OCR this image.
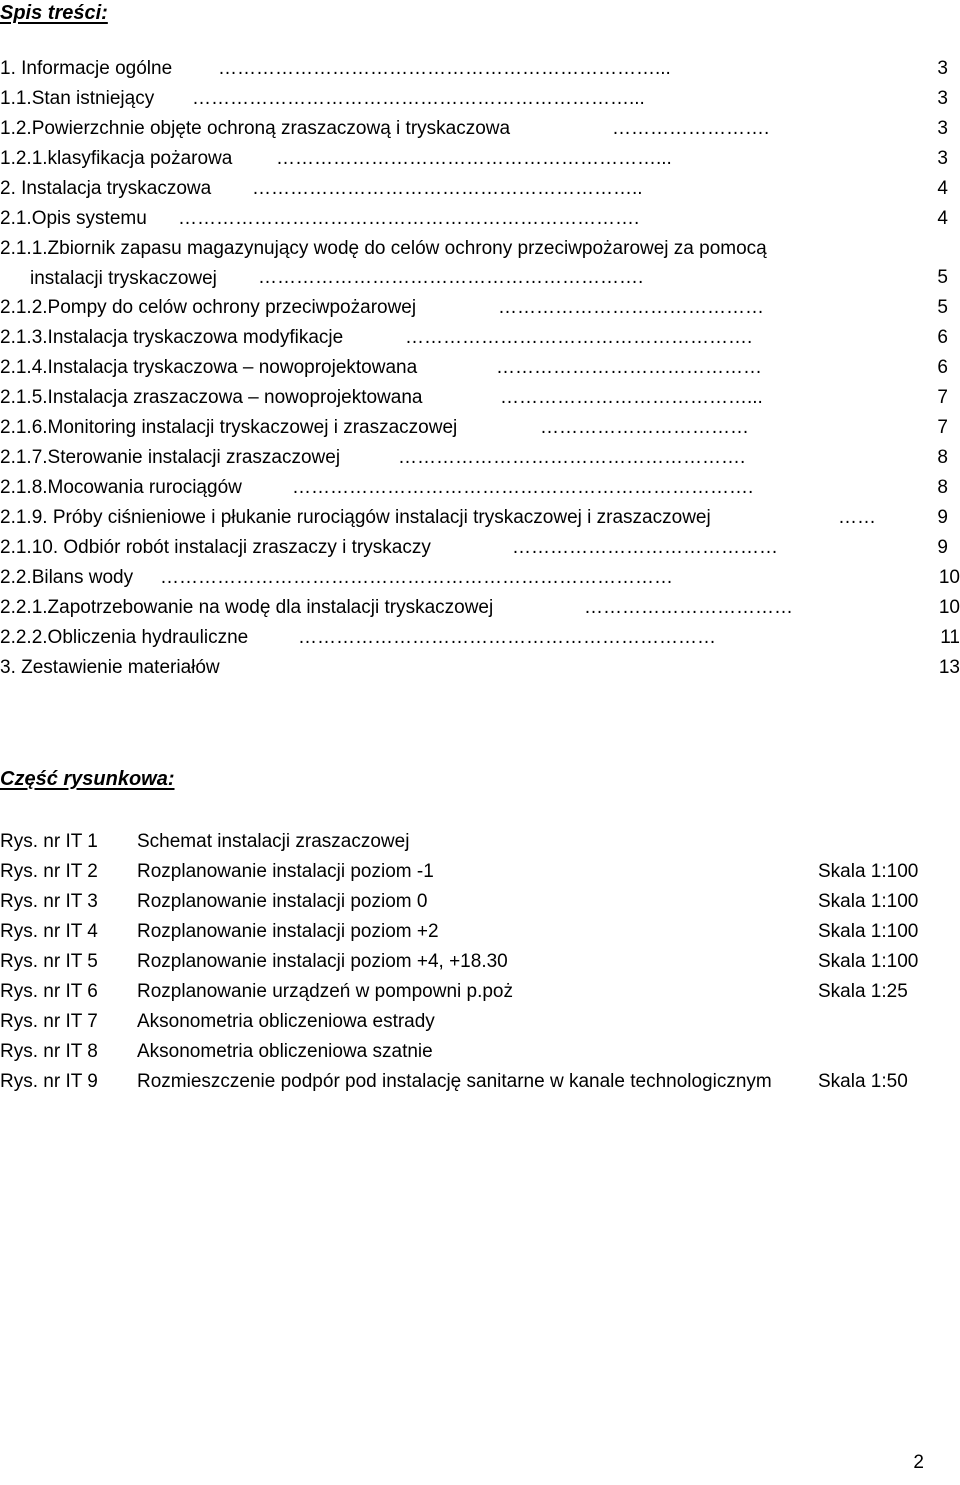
Spis treści:
1. Informacje ogólne ……………………………………………………………...	3
1.1.Stan istniejący ……………………………………………………………...	3
1.2.Powierzchnie objęte ochroną zraszaczową i tryskaczowa	…………………….	3
1.2.1.klasyfikacja pożarowa ……………………………………………………...	3
2. Instalacja tryskaczowa ……………………………………………………..	4
2.1.Opis systemu ……………………………………………………………….	4
2.1.1.Zbiornik zapasu magazynujący wodę do celów ochrony przeciwpożarowej za pomocą
instalacji tryskaczowej	…………………………………………………….	5
2.1.2.Pompy do celów ochrony przeciwpożarowej	……………………………………	5
2.1.3.Instalacja tryskaczowa modyfikacje	……………………………………………….	6
2.1.4.Instalacja tryskaczowa – nowoprojektowana	……………………………………	6
2.1.5.Instalacja zraszaczowa – nowoprojektowana	…………………………………...	7
2.1.6.Monitoring instalacji tryskaczowej i zraszaczowej	……………………………	7
2.1.7.Sterowanie instalacji zraszaczowej	……………………………………………….	8
2.1.8.Mocowania rurociągów	……………………………………………………………….	8
2.1.9. Próby ciśnieniowe i płukanie rurociągów instalacji tryskaczowej i zraszaczowej	……	9
2.1.10. Odbiór robót instalacji zraszaczy i tryskaczy	……………………………………	9
2.2.Bilans wody ………………………………………………………………………	10
2.2.1.Zapotrzebowanie na wodę dla instalacji tryskaczowej	……………………………	10
2.2.2.Obliczenia hydrauliczne	…………………………………………………………	11
3. Zestawienie materiałów	13
Część rysunkowa:
Rys. nr IT 1 Schemat instalacji zraszaczowej
Rys. nr IT 2 Rozplanowanie instalacji poziom -1	Skala 1:100
Rys. nr IT 3 Rozplanowanie instalacji poziom 0	Skala 1:100
Rys. nr IT 4 Rozplanowanie instalacji poziom +2	Skala 1:100
Rys. nr IT 5 Rozplanowanie instalacji poziom +4, +18.30	Skala 1:100
Rys. nr IT 6 Rozplanowanie urządzeń w pompowni p.poż	Skala 1:25
Rys. nr IT 7 Aksonometria obliczeniowa estrady
Rys. nr IT 8 Aksonometria obliczeniowa szatnie
Rys. nr IT 9 Rozmieszczenie podpór pod instalację sanitarne w kanale technologicznym	Skala 1:50
2
